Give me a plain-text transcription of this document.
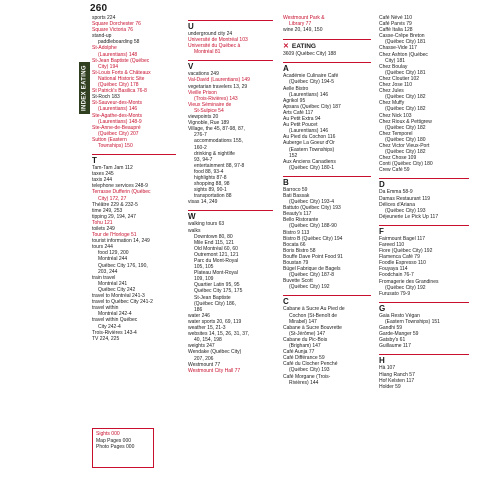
260
INDEX EATING
sports 224
Square Dorchester 76
Square Victoria 76
stand-up
paddleboarding 58
St-Adolphe
(Laurentians) 148
St-Jean Baptiste (Québec
City) 194
St-Louis Forts & Châteaux
National Historic Site
(Québec City) 178
St Patrick's Basilica 76-8
St-Roch 183
St-Sauveur-des-Monts
(Laurentians) 146
Ste-Agathe-des-Monts
(Laurentians) 148-9
Ste-Anne-de-Beaupré
(Québec City) 207
Sutton (Eastern
Townships) 150
T
Tam-Tam Jam 112
taxes 245
taxis 244
telephone services 248-9
Terrasse Dufferin (Québec
City) 172, 27
Théâtre 229 & 232-5
time 249, 253
tipping 29, 194, 247
Tohu 121
toilets 249
Tour de l'Horloge 51
tourist information 14, 249
tours 244
food 129, 200
Montréal 244
Québec City 176, 190,
203, 244
train travel
Montréal 241
Québec City 242
travel to Montréal 241-3
travel to Québec City 241-2
travel within
Montréal 242-4
travel within Québec
City 242-4
Trois-Rivières 143-4
TV 224, 225
U
underground city 24
Université de Montréal 103
Université du Québec à
Montréal 81
V
vacations 249
Val-David (Laurentians) 149
vegetarian travelers 13, 29
Vieille Prison
(Trois-Rivières) 143
Vieux Séminaire de
St-Sulpice 54
viewpoints 20
Vignoble, Rue 189
Village, the 45, 87-98, 87,
276-7
accommodations 155,
160-2
drinking & nightlife
93, 94-7
entertainment 88, 97-8
food 88, 93-4
highlights 87-8
shopping 88, 98
sights 89, 90-1
transportation 88
visas 14, 249
W
walking tours 63
walks
Downtown 80, 80
Mile End 115, 121
Old Montréal 60, 60
Outremont 121, 121
Parc du Mont-Royal
105, 105
Plateau Mont-Royal
109, 109
Quartier Latin 95, 95
Québec City 175, 175
St-Jean Baptiste
(Québec City) 186,
186
water 246
water sports 20, 69, 119
weather 15, 21-3
websites 14, 15, 26, 31, 37,
40, 154, 198
weights 247
Wendake (Québec City)
207, 206
Westmount 77
Westmount City Hall 77
Westmount Park &
Library 77
wine 20, 149, 150
✕ EATING
3609 (Québec City) 188
A
Académie Culinaire Café
(Québec City) 194-5
Aelle Bistro
(Laurentians) 146
Agrikol 95
Apsara (Québec City) 187
Arts Café 117
Au Petit Extra 94
Au Petit Poucet
(Laurentians) 146
Au Pied du Cochon 116
Auberge La Goeur d'Or
(Eastern Townships)
152
Aux Anciens Canadiens
(Québec City) 180-1
B
Barroco 59
Bati Bassak
(Québec City) 193-4
Battuto (Québec City) 193
Beauty's 117
Bello Ristorante
(Québec City) 188-90
Bistro 9 113
Bistro B (Québec City) 194
Bocata 66
Boris Bistro 58
Bouffe Dave Point Food 91
Boustan 79
Bügel Fabrique de Bagels
(Québec City) 187-8
Buvette Scott
(Québec City) 192
C
Cabane à Sucre Au Pied de
Cochon (St-Benoît de
Mirabel) 147
Cabane à Sucre Bouvrette
(St-Jérôme) 147
Cabane du Pic-Bois
(Brigham) 147
Café Aunja 77
Café Différance 59
Café du Clocher Penché
(Québec City) 193
Café Morgane (Trois-
Rivières) 144
Café Névé 110
Café Parvis 79
Caffè Italia 128
Casse-Crêpe Breton
(Québec City) 181
Chasse-Vide 117
Chez Ashton (Québec
City) 181
Chez Boulay
(Québec City) 181
Chez Cloutier 102
Chez Jose 110
Chez Jules
(Québec City) 182
Chez Muffy
(Québec City) 182
Chez Nick 103
Chez Rioux & Pettigrew
(Québec City) 182
Chez Temporel
(Québec City) 180
Chez Victor Vieux-Port
(Québec City) 182
Chez Chose 109
Conti (Québec City) 180
Crew Café 59
D
Da Emma 58-9
Damas Restaurant 119
Délices d'Ariana
(Québec City) 193
Déjeunerie Le Pick Up 117
F
Fairmount Bagel 117
Fareed 110
Fiore (Québec City) 192
Flamenca Café 79
Foodle Espresso 110
Fouyaya 114
Foodchain 76-7
Fromagerie des Grandines
(Québec City) 192
Furusato 79-9
G
Gaia Resto Végan
(Eastern Townships) 151
Gandhi 59
Garde-Manger 59
Gatsby's 61
Guillaume 117
H
Hà 107
Hiang Ranch 57
Hof Kelsten 117
Holder 59
Sights 000
Map Pages 000
Photo Pages 000
